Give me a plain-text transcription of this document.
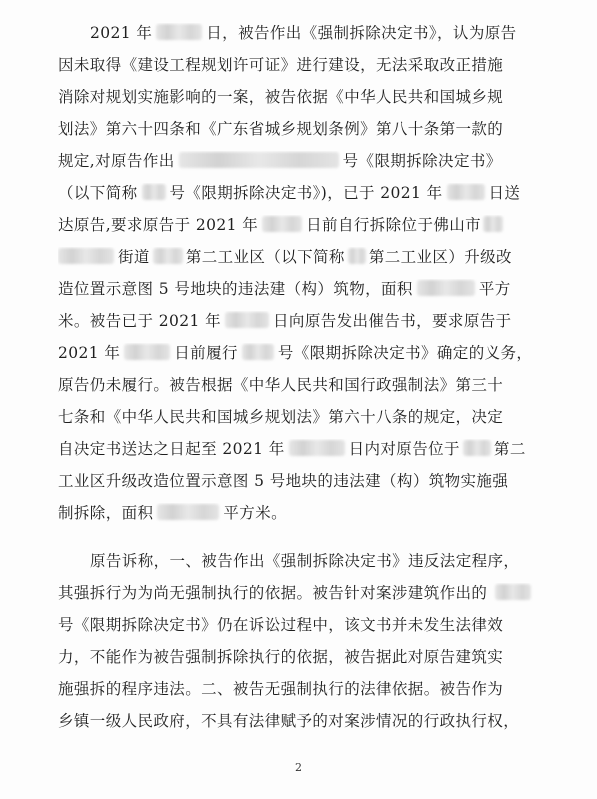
2021 年	日，被告作出《强制拆除决定书》，认为原告
因未取得《建设工程规划许可证》进行建设，无法采取改正措施
消除对规划实施影响的一案，被告依据《中华人民共和国城乡规
划法》第六十四条和《广东省城乡规划条例》第八十条第一款的
规定,对原告作出	号《限期拆除决定书》
（以下简称 号《限期拆除决定书》)，已于 2021 年	日送
达原告,要求原告于 2021 年	日前自行拆除位于佛山市
街道 第二工业区（以下简称 第二工业区）升级改
造位置示意图 5 号地块的违法建（构）筑物，面积	平方
米。被告已于 2021 年	日向原告发出催告书，要求原告于
2021 年	日前履行	号《限期拆除决定书》确定的义务，
原告仍未履行。被告根据《中华人民共和国行政强制法》第三十
七条和《中华人民共和国城乡规划法》第六十八条的规定，决定
自决定书送达之日起至 2021 年	日内对原告位于 第二
工业区升级改造位置示意图 5 号地块的违法建（构）筑物实施强
制拆除，面积	平方米。
原告诉称，一、被告作出《强制拆除决定书》违反法定程序，
其强拆行为为尚无强制执行的依据。被告针对案涉建筑作出的
号《限期拆除决定书》仍在诉讼过程中，该文书并未发生法律效
力，不能作为被告强制拆除执行的依据，被告据此对原告建筑实
施强拆的程序违法。二、被告无强制执行的法律依据。被告作为
乡镇一级人民政府，不具有法律赋予的对案涉情况的行政执行权，
2
